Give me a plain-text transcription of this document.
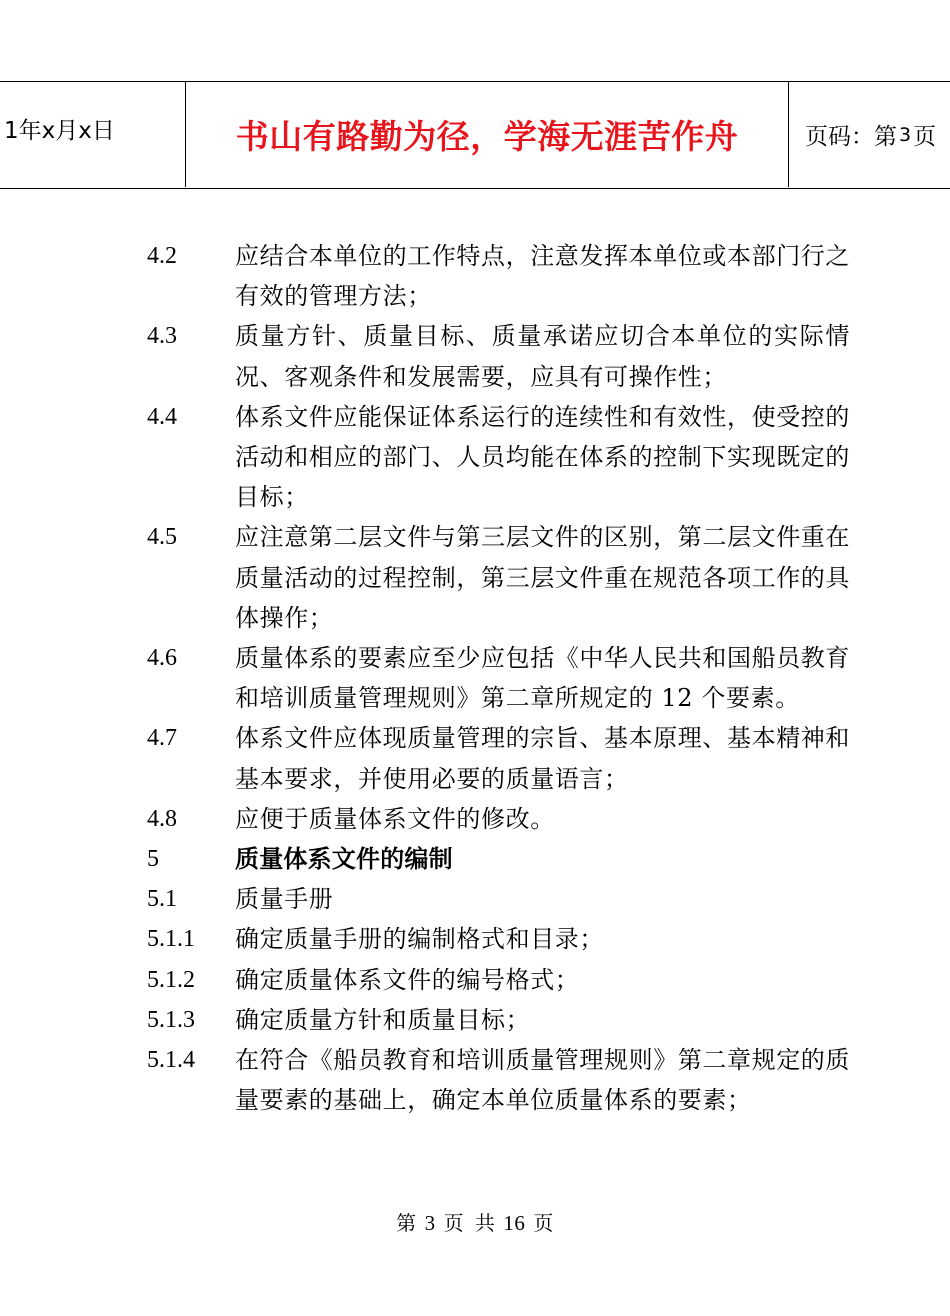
1年x月x日	书山有路勤为径，学海无涯苦作舟	页码：第 3 页
4.2	应结合本单位的工作特点，注意发挥本单位或本部门行之有效的管理方法；
4.3	质量方针、质量目标、质量承诺应切合本单位的实际情况、客观条件和发展需要，应具有可操作性；
4.4	体系文件应能保证体系运行的连续性和有效性，使受控的活动和相应的部门、人员均能在体系的控制下实现既定的目标；
4.5	应注意第二层文件与第三层文件的区别，第二层文件重在质量活动的过程控制，第三层文件重在规范各项工作的具体操作；
4.6	质量体系的要素应至少应包括《中华人民共和国船员教育和培训质量管理规则》第二章所规定的 12 个要素。
4.7	体系文件应体现质量管理的宗旨、基本原理、基本精神和基本要求，并使用必要的质量语言；
4.8	应便于质量体系文件的修改。
5	质量体系文件的编制
5.1	质量手册
5.1.1	确定质量手册的编制格式和目录；
5.1.2	确定质量体系文件的编号格式；
5.1.3	确定质量方针和质量目标；
5.1.4	在符合《船员教育和培训质量管理规则》第二章规定的质量要素的基础上，确定本单位质量体系的要素；
第 3 页 共 16 页
